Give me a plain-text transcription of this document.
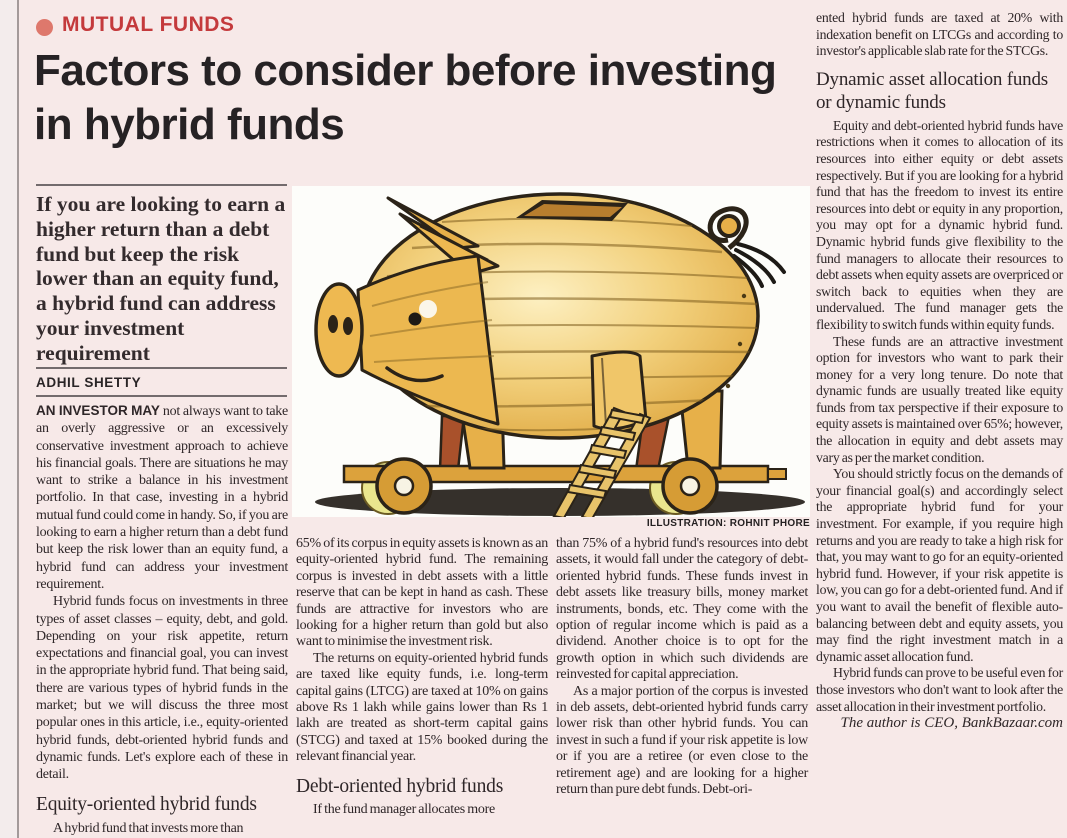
MUTUAL FUNDS
Factors to consider before investing in hybrid funds
If you are looking to earn a higher return than a debt fund but keep the risk lower than an equity fund, a hybrid fund can address your investment requirement
ADHIL SHETTY
ILLUSTRATION: ROHNIT PHORE

AN INVESTOR MAY not always want to take an overly aggressive or an excessively conservative investment approach to achieve his financial goals. There are situations he may want to strike a balance in his investment portfolio. In that case, investing in a hybrid mutual fund could come in handy. So, if you are looking to earn a higher return than a debt fund but keep the risk lower than an equity fund, a hybrid fund can address your investment requirement.

Hybrid funds focus on investments in three types of asset classes – equity, debt, and gold. Depending on your risk appetite, return expectations and financial goal, you can invest in the appropriate hybrid fund. That being said, there are various types of hybrid funds in the market; but we will discuss the three most popular ones in this article, i.e., equity-oriented hybrid funds, debt-oriented hybrid funds and dynamic funds. Let's explore each of these in detail.

Equity-oriented hybrid funds

A hybrid fund that invests more than

65% of its corpus in equity assets is known as an equity-oriented hybrid fund. The remaining corpus is invested in debt assets with a little reserve that can be kept in hand as cash. These funds are attractive for investors who are looking for a higher return than gold but also want to minimise the investment risk.

The returns on equity-oriented hybrid funds are taxed like equity funds, i.e. long-term capital gains (LTCG) are taxed at 10% on gains above Rs 1 lakh while gains lower than Rs 1 lakh are treated as short-term capital gains (STCG) and taxed at 15% booked during the relevant financial year.

Debt-oriented hybrid funds

If the fund manager allocates more

than 75% of a hybrid fund's resources into debt assets, it would fall under the category of debt-oriented hybrid funds. These funds invest in debt assets like treasury bills, money market instruments, bonds, etc. They come with the option of regular income which is paid as a dividend. Another choice is to opt for the growth option in which such dividends are reinvested for capital appreciation.

As a major portion of the corpus is invested in deb assets, debt-oriented hybrid funds carry lower risk than other hybrid funds. You can invest in such a fund if your risk appetite is low or if you are a retiree (or even close to the retirement age) and are looking for a higher return than pure debt funds. Debt-ori-

ented hybrid funds are taxed at 20% with indexation benefit on LTCGs and according to investor's applicable slab rate for the STCGs.

Dynamic asset allocation funds or dynamic funds

Equity and debt-oriented hybrid funds have restrictions when it comes to allocation of its resources into either equity or debt assets respectively. But if you are looking for a hybrid fund that has the freedom to invest its entire resources into debt or equity in any proportion, you may opt for a dynamic hybrid fund. Dynamic hybrid funds give flexibility to the fund managers to allocate their resources to debt assets when equity assets are overpriced or switch back to equities when they are undervalued. The fund manager gets the flexibility to switch funds within equity funds.

These funds are an attractive investment option for investors who want to park their money for a very long tenure. Do note that dynamic funds are usually treated like equity funds from tax perspective if their exposure to equity assets is maintained over 65%; however, the allocation in equity and debt assets may vary as per the market condition.

You should strictly focus on the demands of your financial goal(s) and accordingly select the appropriate hybrid fund for your investment. For example, if you require high returns and you are ready to take a high risk for that, you may want to go for an equity-oriented hybrid fund. However, if your risk appetite is low, you can go for a debt-oriented fund. And if you want to avail the benefit of flexible auto-balancing between debt and equity assets, you may find the right investment match in a dynamic asset allocation fund.

Hybrid funds can prove to be useful even for those investors who don't want to look after the asset allocation in their investment portfolio.

The author is CEO, BankBazaar.com
